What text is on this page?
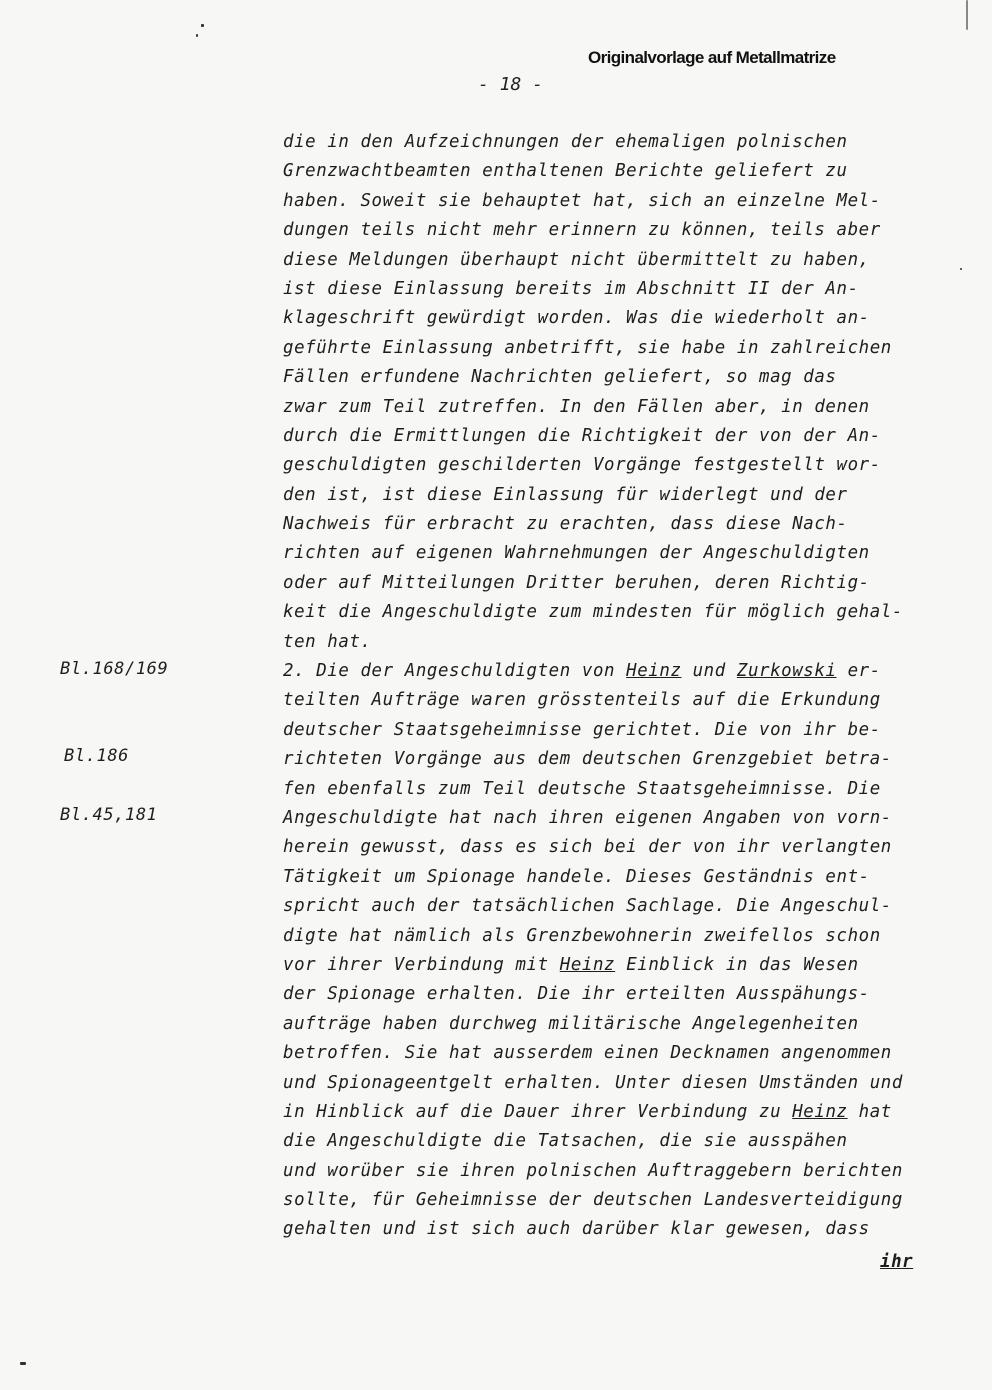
Originalvorlage auf Metallmatrize
- 18 -
Bl.168/169
Bl.186
Bl.45,181
die in den Aufzeichnungen der ehemaligen polnischen
Grenzwachtbeamten enthaltenen Berichte geliefert zu
haben. Soweit sie behauptet hat, sich an einzelne Mel-
dungen teils nicht mehr erinnern zu können, teils aber
diese Meldungen überhaupt nicht übermittelt zu haben,
ist diese Einlassung bereits im Abschnitt II der An-
klageschrift gewürdigt worden. Was die wiederholt an-
geführte Einlassung anbetrifft, sie habe in zahlreichen
Fällen erfundene Nachrichten geliefert, so mag das
zwar zum Teil zutreffen. In den Fällen aber, in denen
durch die Ermittlungen die Richtigkeit der von der An-
geschuldigten geschilderten Vorgänge festgestellt wor-
den ist, ist diese Einlassung für widerlegt und der
Nachweis für erbracht zu erachten, dass diese Nach-
richten auf eigenen Wahrnehmungen der Angeschuldigten
oder auf Mitteilungen Dritter beruhen, deren Richtig-
keit die Angeschuldigte zum mindesten für möglich gehal-
ten hat.
2. Die der Angeschuldigten von Heinz und Zurkowski er-
teilten Aufträge waren grösstenteils auf die Erkundung
deutscher Staatsgeheimnisse gerichtet. Die von ihr be-
richteten Vorgänge aus dem deutschen Grenzgebiet betra-
fen ebenfalls zum Teil deutsche Staatsgeheimnisse. Die
Angeschuldigte hat nach ihren eigenen Angaben von vorn-
herein gewusst, dass es sich bei der von ihr verlangten
Tätigkeit um Spionage handele. Dieses Geständnis ent-
spricht auch der tatsächlichen Sachlage. Die Angeschul-
digte hat nämlich als Grenzbewohnerin zweifellos schon
vor ihrer Verbindung mit Heinz Einblick in das Wesen
der Spionage erhalten. Die ihr erteilten Ausspähungs-
aufträge haben durchweg militärische Angelegenheiten
betroffen. Sie hat ausserdem einen Decknamen angenommen
und Spionageentgelt erhalten. Unter diesen Umständen und
in Hinblick auf die Dauer ihrer Verbindung zu Heinz hat
die Angeschuldigte die Tatsachen, die sie ausspähen
und worüber sie ihren polnischen Auftraggebern berichten
sollte, für Geheimnisse der deutschen Landesverteidigung
gehalten und ist sich auch darüber klar gewesen, dass
ihr
